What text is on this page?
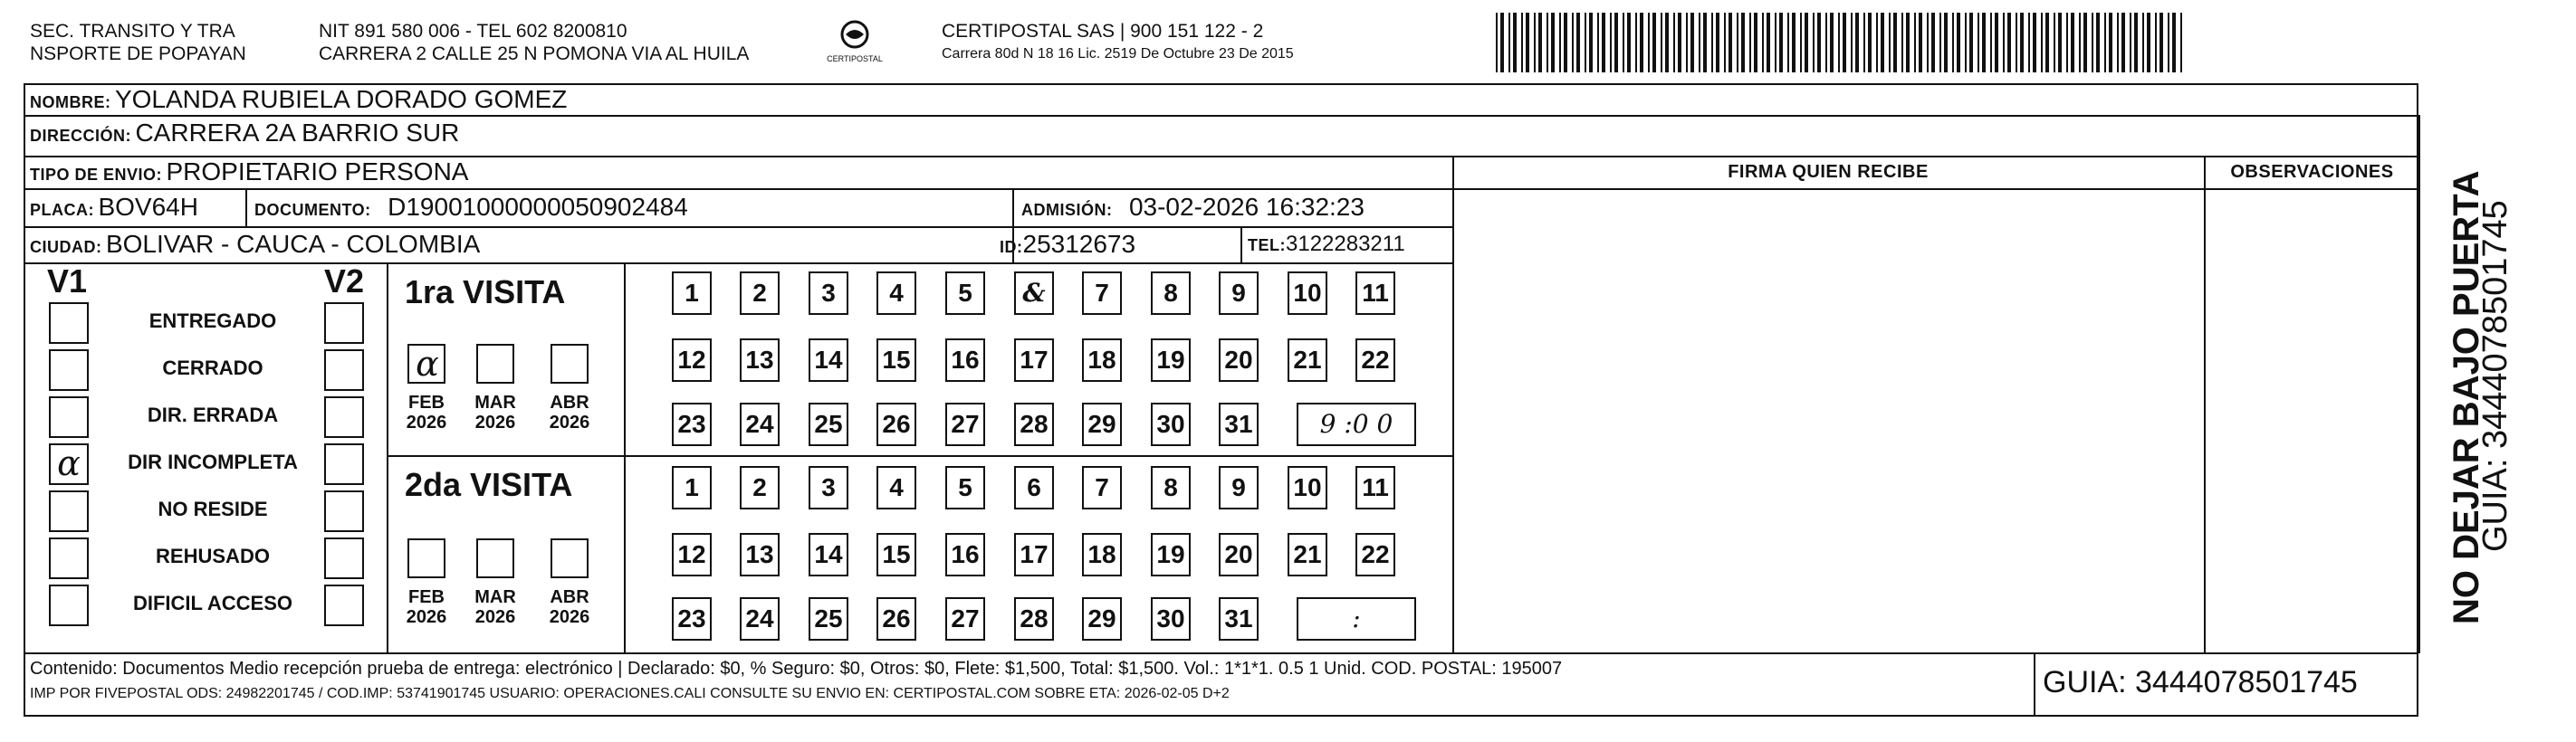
SEC. TRANSITO Y TRA
NSPORTE DE POPAYAN
NIT 891 580 006 - TEL 602 8200810
CARRERA 2 CALLE 25 N POMONA VIA AL HUILA	CERTIPOSTAL
CERTIPOSTAL SAS | 900 151 122 - 2
Carrera 80d N 18 16 Lic. 2519 De Octubre 23 De 2015
NOMBRE: YOLANDA RUBIELA DORADO GOMEZ
DIRECCIÓN: CARRERA 2A BARRIO SUR
TIPO DE ENVIO: PROPIETARIO PERSONA	FIRMA QUIEN RECIBE	OBSERVACIONES
PLACA: BOV64H	DOCUMENTO: D19001000000050902484	ADMISIÓN: 03-02-2026 16:32:23
CIUDAD: BOLIVAR - CAUCA - COLOMBIA	ID:25312673	TEL:3122283211
V1	V2
ENTREGADO
CERRADO
DIR. ERRADA
α	DIR INCOMPLETA
NO RESIDE
REHUSADO
DIFICIL ACCESO
1ra VISITA
α
FEB
2026
MAR
2026
ABR
2026
1	2	3	4	5	&	7	8	9	10 11
12 13 14 15 16 17 18 19 20 21 22
23 24 25 26 27 28 29 30 31	9 :0 0
2da VISITA
FEB
2026
MAR
2026
ABR
2026
1	2	3	4	5	6	7	8	9	10 11
12 13 14 15 16 17 18 19 20 21 22
23 24 25 26 27 28 29 30 31	:	NO DEJAR BAJO PUERTA
GUIA: 3444078501745
Contenido: Documentos Medio recepción prueba de entrega: electrónico | Declarado: $0, % Seguro: $0, Otros: $0, Flete: $1,500, Total: $1,500. Vol.: 1*1*1. 0.5 1 Unid. COD. POSTAL: 195007
IMP POR FIVEPOSTAL ODS: 24982201745 / COD.IMP: 53741901745 USUARIO: OPERACIONES.CALI CONSULTE SU ENVIO EN: CERTIPOSTAL.COM SOBRE ETA: 2026-02-05 D+2	GUIA: 3444078501745
